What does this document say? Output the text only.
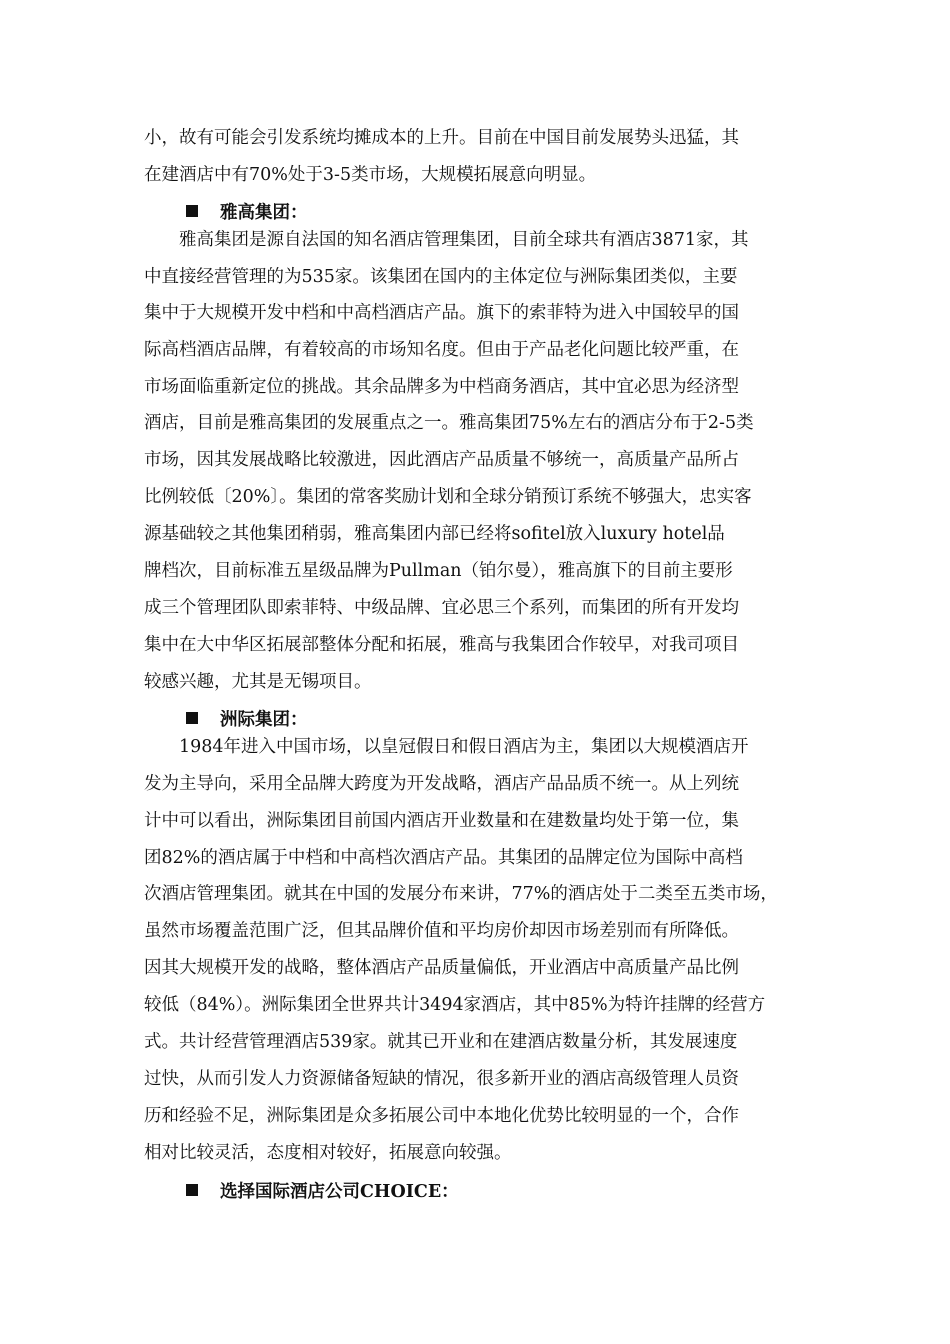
小，故有可能会引发系统均摊成本的上升。目前在中国目前发展势头迅猛，其
在建酒店中有70%处于3-5类市场，大规模拓展意向明显。
雅高集团：
　　雅高集团是源自法国的知名酒店管理集团，目前全球共有酒店3871家，其
中直接经营管理的为535家。该集团在国内的主体定位与洲际集团类似，主要
集中于大规模开发中档和中高档酒店产品。旗下的索菲特为进入中国较早的国
际高档酒店品牌，有着较高的市场知名度。但由于产品老化问题比较严重，在
市场面临重新定位的挑战。其余品牌多为中档商务酒店，其中宜必思为经济型
酒店，目前是雅高集团的发展重点之一。雅高集团75%左右的酒店分布于2-5类
市场，因其发展战略比较激进，因此酒店产品质量不够统一，高质量产品所占
比例较低〔20%〕。集团的常客奖励计划和全球分销预订系统不够强大，忠实客
源基础较之其他集团稍弱，雅高集团内部已经将sofitel放入luxury hotel品
牌档次，目前标准五星级品牌为Pullman（铂尔曼），雅高旗下的目前主要形
成三个管理团队即索菲特、中级品牌、宜必思三个系列，而集团的所有开发均
集中在大中华区拓展部整体分配和拓展，雅高与我集团合作较早，对我司项目
较感兴趣，尤其是无锡项目。
洲际集团：
　　1984年进入中国市场，以皇冠假日和假日酒店为主，集团以大规模酒店开
发为主导向，采用全品牌大跨度为开发战略，酒店产品品质不统一。从上列统
计中可以看出，洲际集团目前国内酒店开业数量和在建数量均处于第一位，集
团82%的酒店属于中档和中高档次酒店产品。其集团的品牌定位为国际中高档
次酒店管理集团。就其在中国的发展分布来讲，77%的酒店处于二类至五类市场，
虽然市场覆盖范围广泛，但其品牌价值和平均房价却因市场差别而有所降低。
因其大规模开发的战略，整体酒店产品质量偏低，开业酒店中高质量产品比例
较低（84%）。洲际集团全世界共计3494家酒店，其中85%为特许挂牌的经营方
式。共计经营管理酒店539家。就其已开业和在建酒店数量分析，其发展速度
过快，从而引发人力资源储备短缺的情况，很多新开业的酒店高级管理人员资
历和经验不足，洲际集团是众多拓展公司中本地化优势比较明显的一个，合作
相对比较灵活，态度相对较好，拓展意向较强。
选择国际酒店公司CHOICE：
